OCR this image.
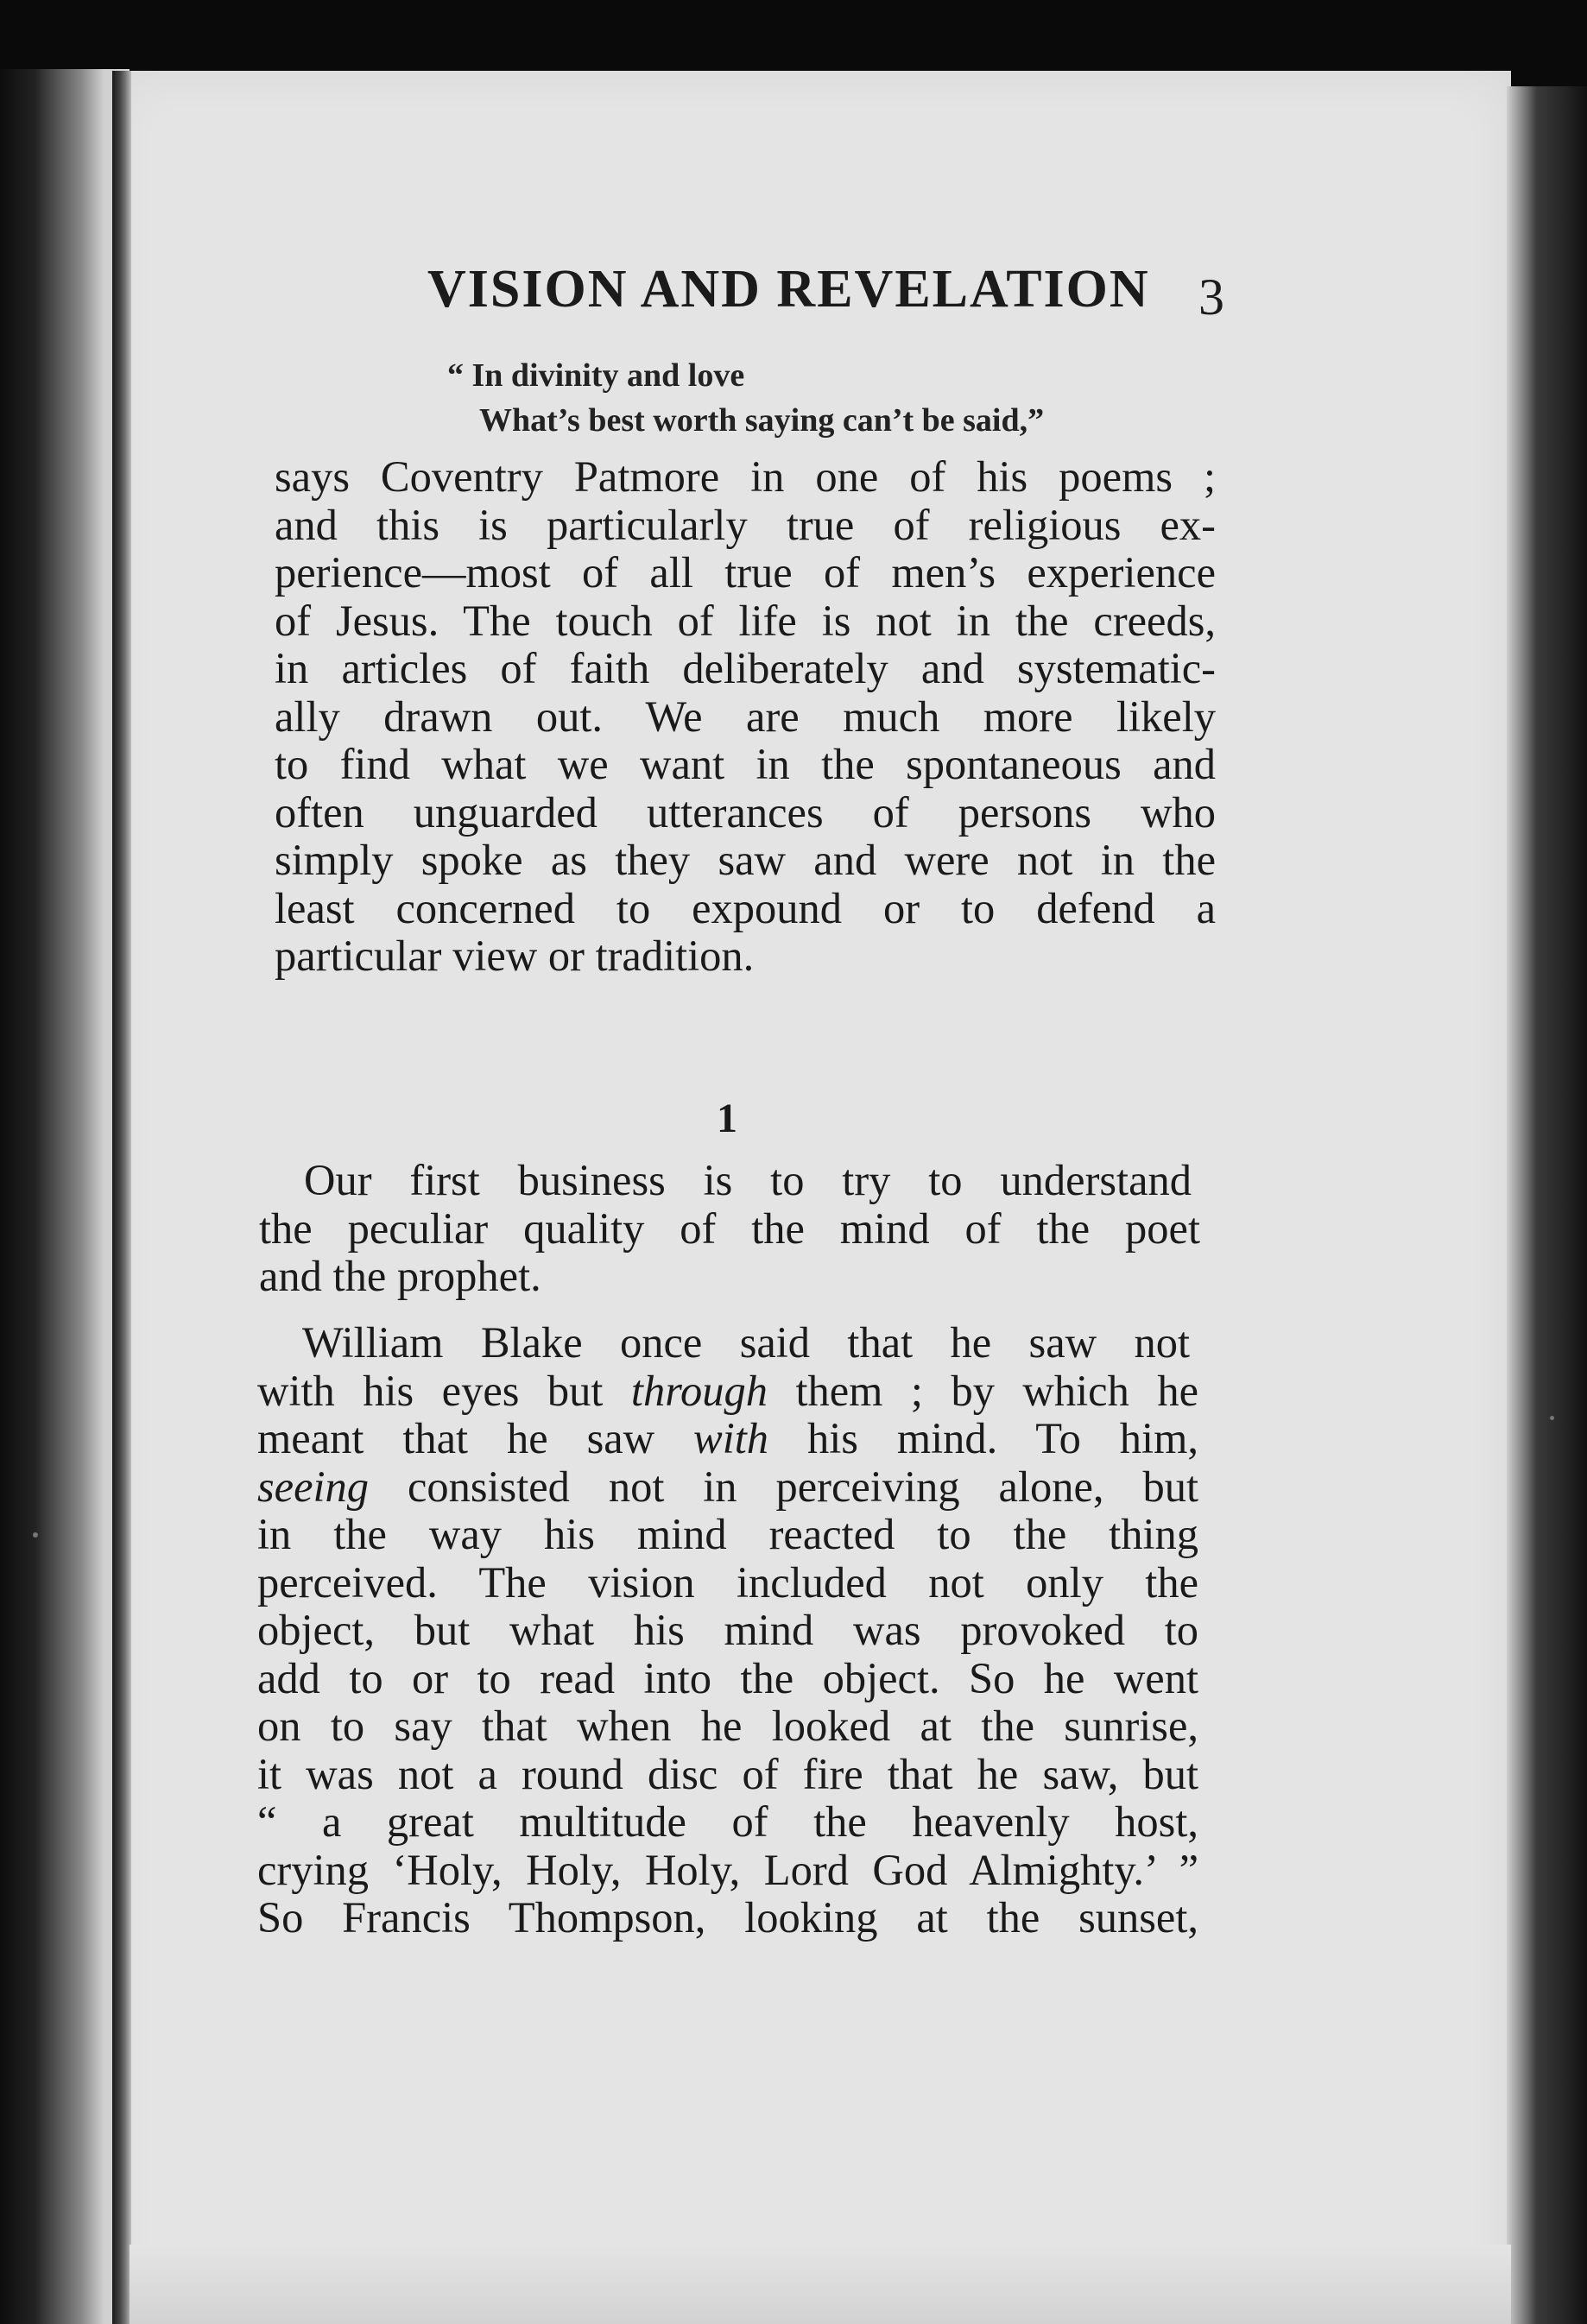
VISION AND REVELATION 3
“ In divinity and love
What’s best worth saying can’t be said,”
says Coventry Patmore in one of his poems ;
and this is particularly true of religious ex-
perience—most of all true of men’s experience
of Jesus. The touch of life is not in the creeds,
in articles of faith deliberately and systematic-
ally drawn out. We are much more likely
to find what we want in the spontaneous and
often unguarded utterances of persons who
simply spoke as they saw and were not in the
least concerned to expound or to defend a
particular view or tradition.
1
Our first business is to try to understand
the peculiar quality of the mind of the poet
and the prophet.
William Blake once said that he saw not
with his eyes but through them ; by which he
meant that he saw with his mind. To him,
seeing consisted not in perceiving alone, but
in the way his mind reacted to the thing
perceived. The vision included not only the
object, but what his mind was provoked to
add to or to read into the object. So he went
on to say that when he looked at the sunrise,
it was not a round disc of fire that he saw, but
“ a great multitude of the heavenly host,
crying ‘Holy, Holy, Holy, Lord God Almighty.’ ”
So Francis Thompson, looking at the sunset,
